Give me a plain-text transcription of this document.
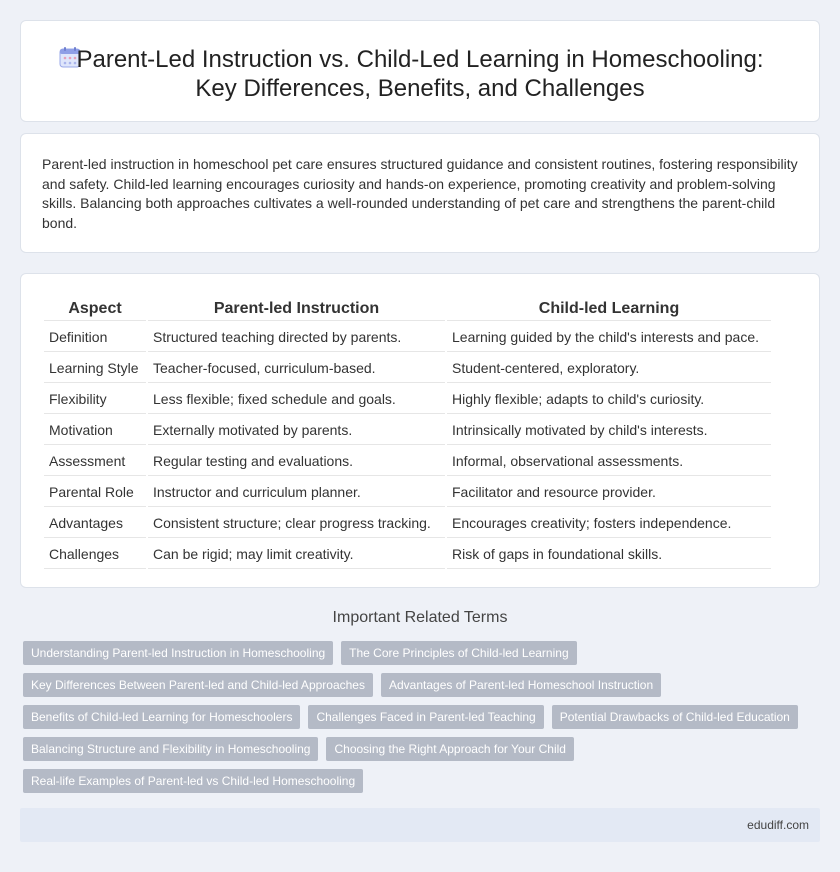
Parent-Led Instruction vs. Child-Led Learning in Homeschooling: Key Differences, Benefits, and Challenges

Parent-led instruction in homeschool pet care ensures structured guidance and consistent routines, fostering responsibility and safety. Child-led learning encourages curiosity and hands-on experience, promoting creativity and problem-solving skills. Balancing both approaches cultivates a well-rounded understanding of pet care and strengthens the parent-child bond.

Aspect	Parent-led Instruction	Child-led Learning
Definition	Structured teaching directed by parents.	Learning guided by the child's interests and pace.
Learning Style	Teacher-focused, curriculum-based.	Student-centered, exploratory.
Flexibility	Less flexible; fixed schedule and goals.	Highly flexible; adapts to child's curiosity.
Motivation	Externally motivated by parents.	Intrinsically motivated by child's interests.
Assessment	Regular testing and evaluations.	Informal, observational assessments.
Parental Role	Instructor and curriculum planner.	Facilitator and resource provider.
Advantages	Consistent structure; clear progress tracking.	Encourages creativity; fosters independence.
Challenges	Can be rigid; may limit creativity.	Risk of gaps in foundational skills.
Important Related Terms
Understanding Parent-led Instruction in Homeschooling	The Core Principles of Child-led Learning
Key Differences Between Parent-led and Child-led Approaches	Advantages of Parent-led Homeschool Instruction
Benefits of Child-led Learning for Homeschoolers	Challenges Faced in Parent-led Teaching	Potential Drawbacks of Child-led Education
Balancing Structure and Flexibility in Homeschooling	Choosing the Right Approach for Your Child
Real-life Examples of Parent-led vs Child-led Homeschooling
edudiff.com
